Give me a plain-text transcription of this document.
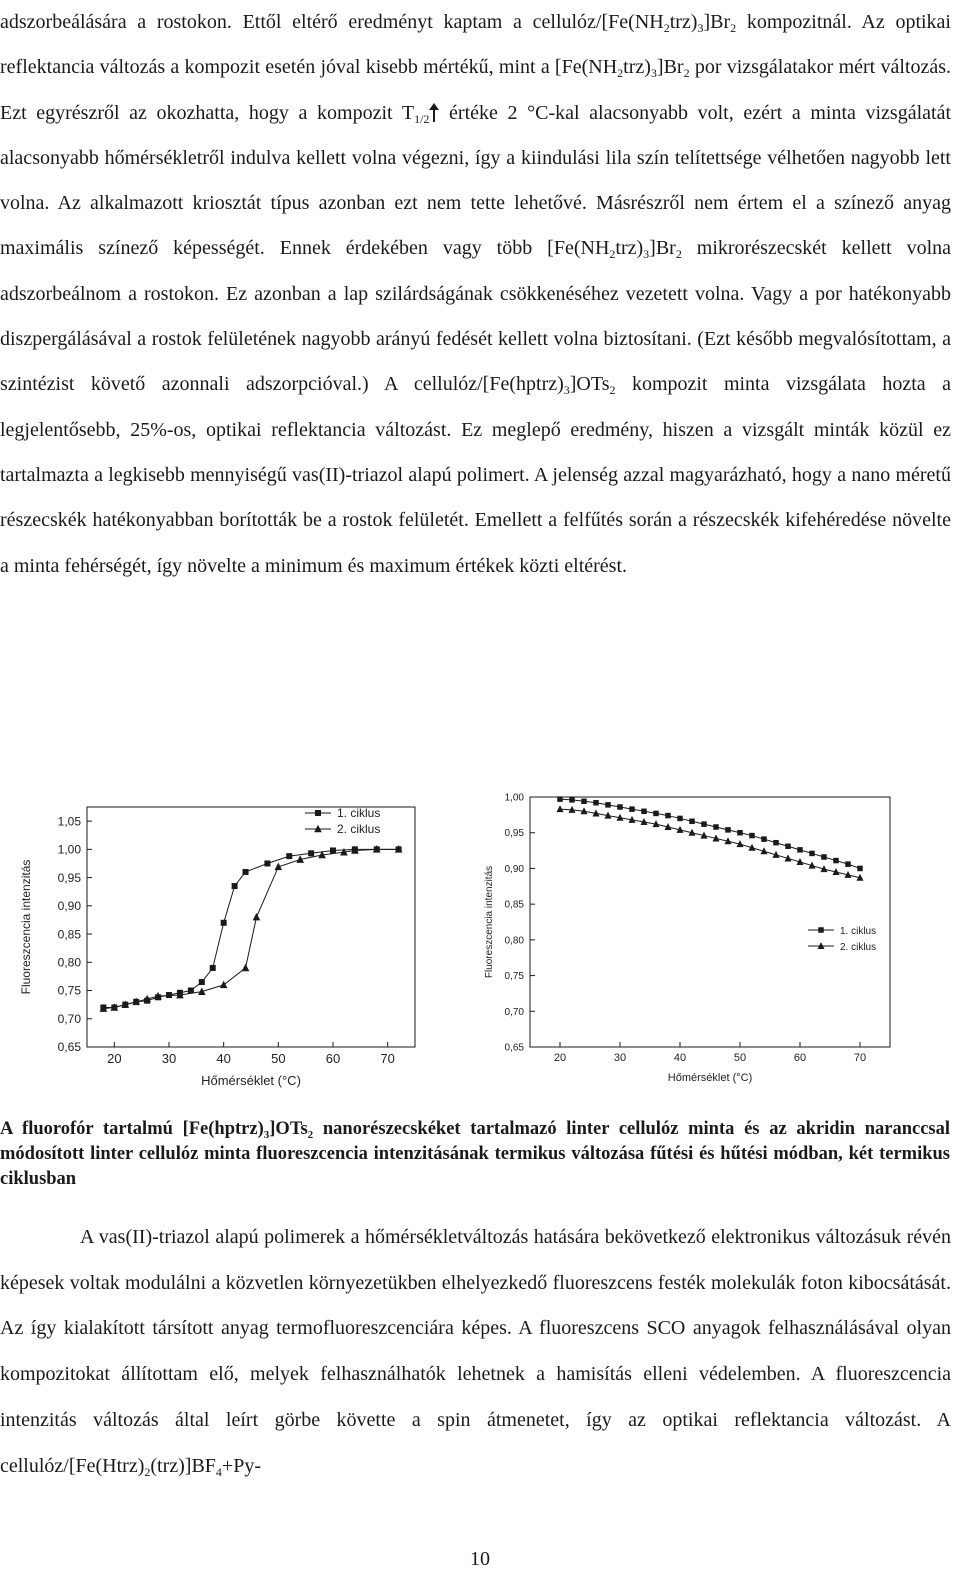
adszorbeálására a rostokon. Ettől eltérő eredményt kaptam a cellulóz/$[Fe(NH_2trz)_3]Br_2$ kompozitnál. Az optikai reflektancia változás a kompozit esetén jóval kisebb mértékű, mint a $[Fe(NH_2trz)_3]Br_2$ por vizsgálatakor mért változás. Ezt egyrészről az okozhatta, hogy a kompozit $T_{1/2}$ értéke 2 °C-kal alacsonyabb volt, ezért a minta vizsgálatát alacsonyabb hőmérsékletről indulva kellett volna végezni, így a kiindulási lila szín telítettsége vélhetően nagyobb lett volna. Az alkalmazott kriosztát típus azonban ezt nem tette lehetővé. Másrészről nem értem el a színező anyag maximális színező képességét. Ennek érdekében vagy több $[Fe(NH_2trz)_3]Br_2$ mikrorészecskét kellett volna adszorbeálnom a rostokon. Ez azonban a lap szilárdságának csökkenéséhez vezetett volna. Vagy a por hatékonyabb diszpergálásával a rostok felületének nagyobb arányú fedését kellett volna biztosítani. (Ezt később megvalósítottam, a szintézist követő azonnali adszorpcióval.) A cellulóz/$[Fe(hptrz)_3]OTs_2$ kompozit minta vizsgálata hozta a legjelentősebb, 25%-os, optikai reflektancia változást. Ez meglepő eredmény, hiszen a vizsgált minták közül ez tartalmazta a legkisebb mennyiségű vas(II)-triazol alapú polimert. A jelenség azzal magyarázható, hogy a nano méretű részecskék hatékonyabban borították be a rostok felületét. Emellett a felfűtés során a részecskék kifehéredése növelte a minta fehérségét, így növelte a minimum és maximum értékek közti eltérést.

0,65
0,70
0,75
0,80
0,85
0,90
0,95
1,00
1,05
20	30	40	50	60	70
Hőmérséklet (°C)
Fluoreszcencia intenzitás
1. ciklus
2. ciklus
0,65
0,70
0,75
0,80
0,85
0,90
0,95
1,00
20	30	40	50	60	70
Hőmérséklet (°C)
Fluoreszcencia intenzitás	1. ciklus
2. ciklus

A fluorofór tartalmú $[Fe(hptrz)_3]OTs_2$ nanorészecskéket tartalmazó linter cellulóz minta és az akridin naranccsal módosított linter cellulóz minta fluoreszcencia intenzitásának termikus változása fűtési és hűtési módban, két termikus ciklusban

A vas(II)-triazol alapú polimerek a hőmérsékletváltozás hatására bekövetkező elektronikus változásuk révén képesek voltak modulálni a közvetlen környezetükben elhelyezkedő fluoreszcens festék molekulák foton kibocsátását. Az így kialakított társított anyag termofluoreszcenciára képes. A fluoreszcens SCO anyagok felhasználásával olyan kompozitokat állítottam elő, melyek felhasználhatók lehetnek a hamisítás elleni védelemben. A fluoreszcencia intenzitás változás által leírt görbe követte a spin átmenetet, így az optikai reflektancia változást. A cellulóz/$[Fe(Htrz)_2(trz)]BF_4+Py-$

10
